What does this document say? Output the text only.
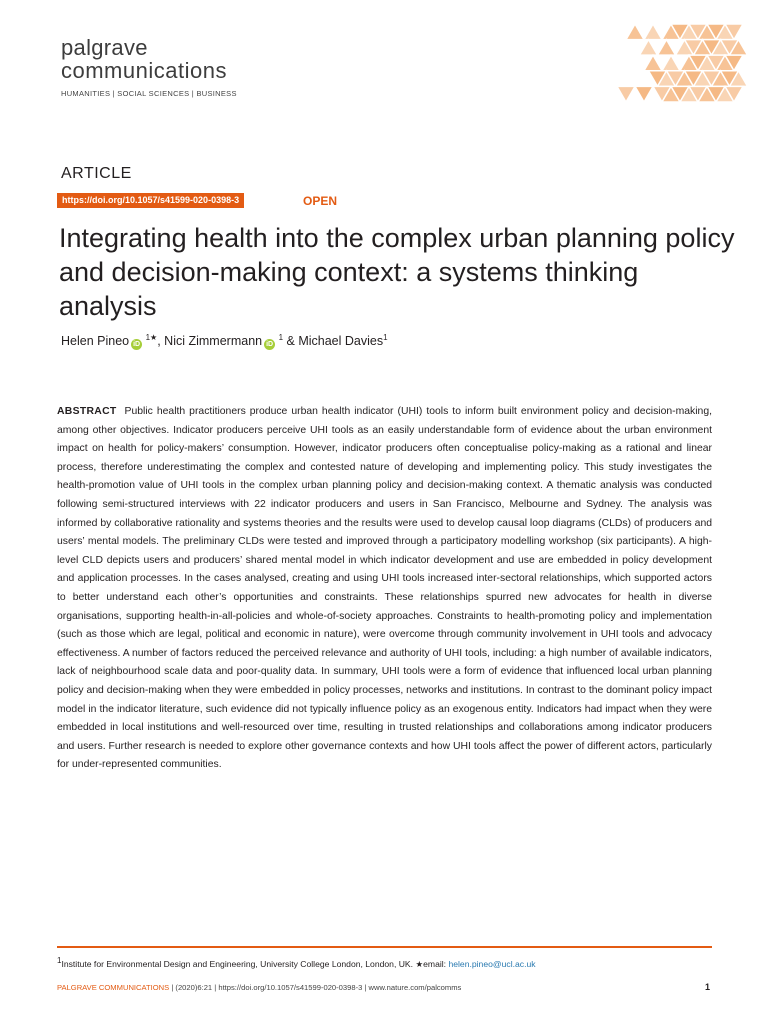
palgrave
communications
HUMANITIES | SOCIAL SCIENCES | BUSINESS
ARTICLE
https://doi.org/10.1057/s41599-020-0398-3	OPEN
Integrating health into the complex urban planning policy and decision-making context: a systems thinking analysis
Helen Pineo iD $^{1★}$, Nici Zimmermann iD $^1$ & Michael Davies$^1$
ABSTRACT Public health practitioners produce urban health indicator (UHI) tools to inform built environment policy and decision-making, among other objectives. Indicator producers perceive UHI tools as an easily understandable form of evidence about the urban environment impact on health for policy-makers’ consumption. However, indicator producers often conceptualise policy-making as a rational and linear process, therefore underestimating the complex and contested nature of developing and implementing policy. This study investigates the health-promotion value of UHI tools in the complex urban planning policy and decision-making context. A thematic analysis was conducted following semi-structured interviews with 22 indicator producers and users in San Francisco, Melbourne and Sydney. The analysis was informed by collaborative rationality and systems theories and the results were used to develop causal loop diagrams (CLDs) of producers and users’ mental models. The preliminary CLDs were tested and improved through a participatory modelling workshop (six participants). A high-level CLD depicts users and producers’ shared mental model in which indicator development and use are embedded in policy development and application processes. In the cases analysed, creating and using UHI tools increased inter-sectoral relationships, which supported actors to better understand each other’s opportunities and constraints. These relationships spurred new advocates for health in diverse organisations, supporting health-in-all-policies and whole-of-society approaches. Constraints to health-promoting policy and implementation (such as those which are legal, political and economic in nature), were overcome through community involvement in UHI tools and advocacy effectiveness. A number of factors reduced the perceived relevance and authority of UHI tools, including: a high number of available indicators, lack of neighbourhood scale data and poor-quality data. In summary, UHI tools were a form of evidence that influenced local urban planning policy and decision-making when they were embedded in policy processes, networks and institutions. In contrast to the dominant policy impact model in the indicator literature, such evidence did not typically influence policy as an exogenous entity. Indicators had impact when they were embedded in local institutions and well-resourced over time, resulting in trusted relationships and collaborations among indicator producers and users. Further research is needed to explore other governance contexts and how UHI tools affect the power of different actors, particularly for under-represented communities.
$^1$Institute for Environmental Design and Engineering, University College London, London, UK. ★email: helen.pineo@ucl.ac.uk
PALGRAVE COMMUNICATIONS | (2020)6:21 | https://doi.org/10.1057/s41599-020-0398-3 | www.nature.com/palcomms	1
